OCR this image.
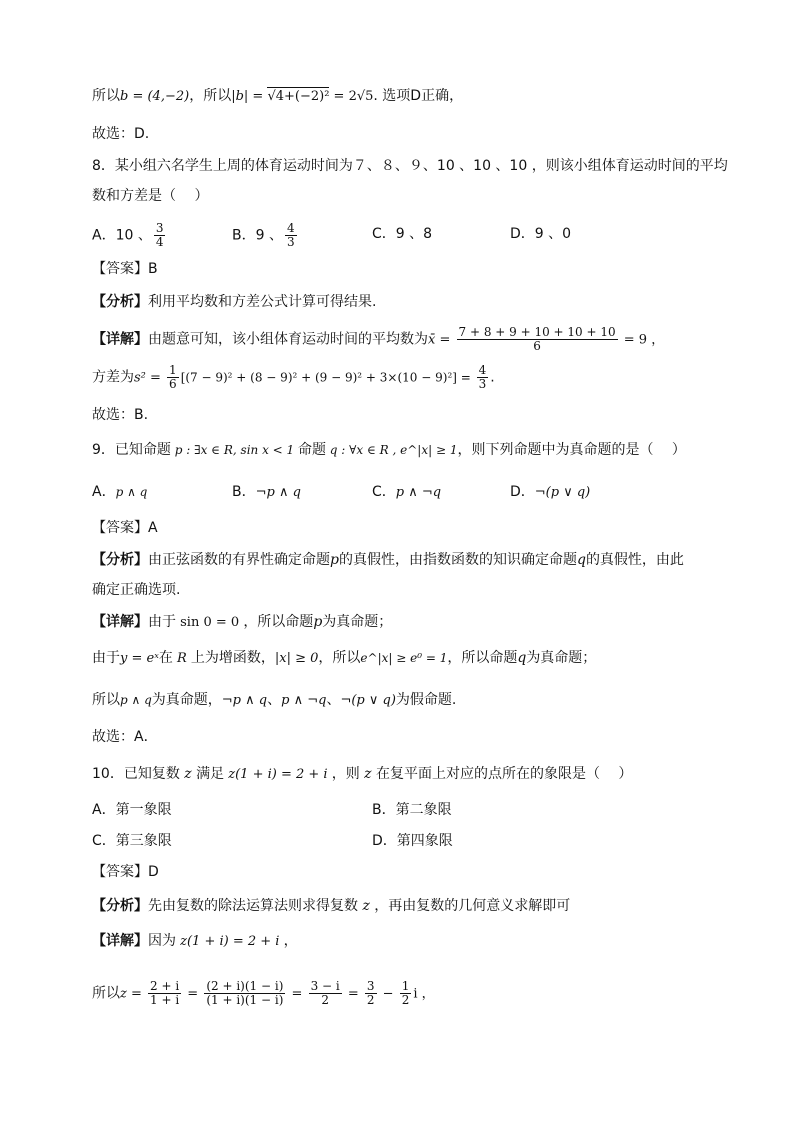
所以b = (4,−2)，所以|b| = √4+(−2)² = 2√5. 选项D正确，
故选：D.
8．某小组六名学生上周的体育运动时间为７、８、９、10 、10 、10 ，则该小组体育运动时间的平均
数和方差是（　 ）
A．10 、 $\frac{3}{4}$	B．9 、 $\frac{4}{3}$	C．9 、8	D．9 、0
【答案】B
【分析】利用平均数和方差公式计算可得结果.
【详解】由题意可知，该小组体育运动时间的平均数为x̄ = $\frac{7 + 8 + 9 + 10 + 10 + 10}{6} = 9$ ，
方差为$s^2 = \frac{1}{6} [(7 - 9)^2 + (8 - 9)^2 + (9 - 9)^2 + 3\times(10 - 9)^2] = \frac{4}{3}$ .
故选：B.
9．已知命题 p : ∃x ∈ R, sin x < 1 命题 q : ∀x ∈ R , e^|x| ≥ 1，则下列命题中为真命题的是（　 ）
A．p ∧ q	B．¬p ∧ q	C．p ∧ ¬q	D．¬(p ∨ q)
【答案】A
【分析】由正弦函数的有界性确定命题p的真假性，由指数函数的知识确定命题q的真假性，由此
确定正确选项.
【详解】由于 sin 0 = 0 ，所以命题p为真命题；
由于y = eˣ在 R 上为增函数，|x| ≥ 0，所以e^|x| ≥ e⁰ = 1，所以命题q为真命题；
所以p ∧ q为真命题，¬p ∧ q、p ∧ ¬q、¬(p ∨ q)为假命题.
故选：A．
10．已知复数 z 满足 z(1 + i) = 2 + i ，则 z 在复平面上对应的点所在的象限是（　 ）
A．第一象限	B．第二象限
C．第三象限	D．第四象限
【答案】D
【分析】先由复数的除法运算法则求得复数 z ，再由复数的几何意义求解即可
【详解】因为 z(1 + i) = 2 + i ，
所以$z = \frac{2 + i}{1 + i} = \frac{(2 + i)(1 - i)}{(1 + i)(1 - i)} = \frac{3 - i}{2} = \frac{3}{2} - \frac{1}{2}$ i ，
